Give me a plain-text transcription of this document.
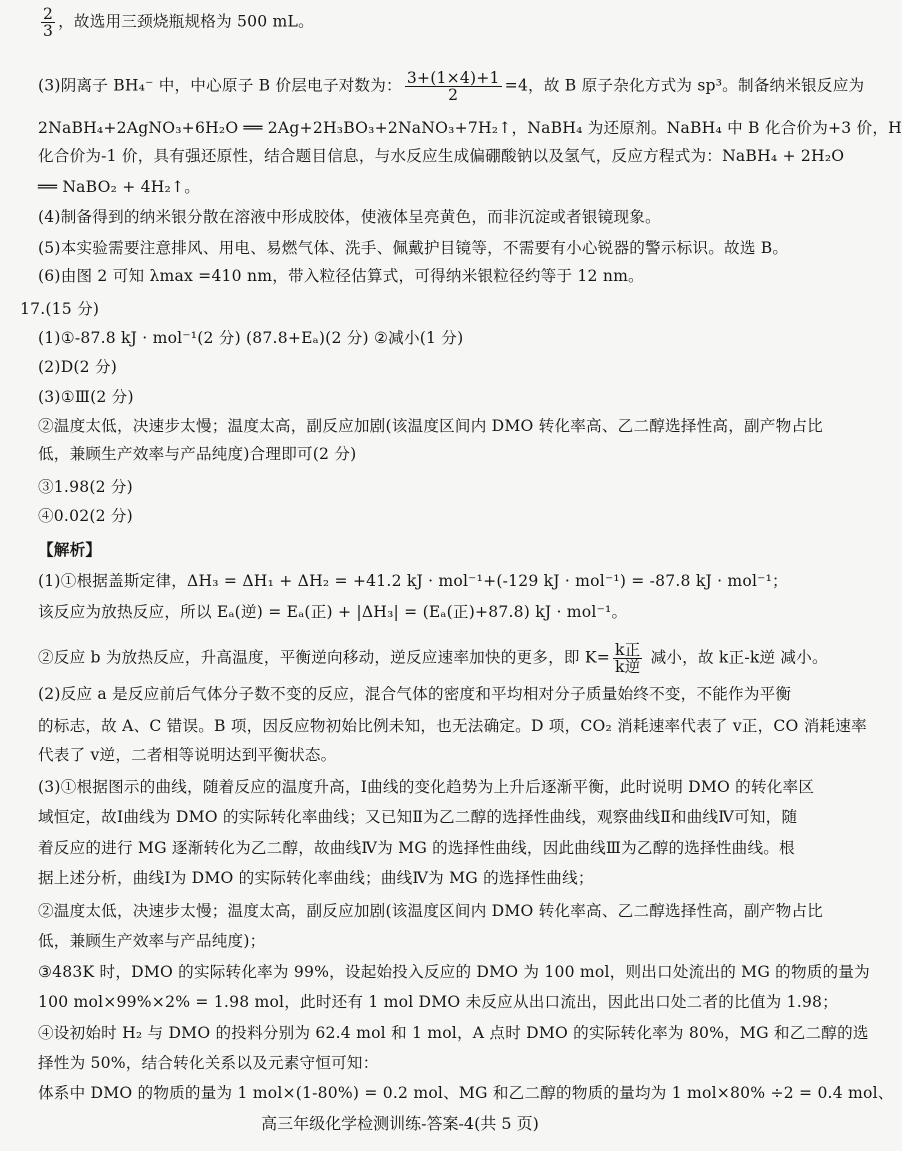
$\frac{2}{3}$ ，故选用三颈烧瓶规格为 500 mL。
(3)阴离子 BH₄⁻ 中，中心原子 B 价层电子对数为： $\frac{3+(1\times 4)+1}{2} =4$，故 B 原子杂化方式为 sp³。制备纳米银反应为
2NaBH₄+2AgNO₃+6H₂O ══ 2Ag+2H₃BO₃+2NaNO₃+7H₂↑，NaBH₄ 为还原剂。NaBH₄ 中 B 化合价为+3 价，H
化合价为-1 价，具有强还原性，结合题目信息，与水反应生成偏硼酸钠以及氢气，反应方程式为：NaBH₄ + 2H₂O
══ NaBO₂ + 4H₂↑。
(4)制备得到的纳米银分散在溶液中形成胶体，使液体呈亮黄色，而非沉淀或者银镜现象。
(5)本实验需要注意排风、用电、易燃气体、洗手、佩戴护目镜等，不需要有小心锐器的警示标识。故选 B。
(6)由图 2 可知 λmax =410 nm，带入粒径估算式，可得纳米银粒径约等于 12 nm。
17.(15 分)
(1)①-87.8 kJ · mol⁻¹(2 分) (87.8+Eₐ)(2 分) ②减小(1 分)
(2)D(2 分)
(3)①Ⅲ(2 分)
②温度太低，决速步太慢；温度太高，副反应加剧(该温度区间内 DMO 转化率高、乙二醇选择性高，副产物占比
低，兼顾生产效率与产品纯度)合理即可(2 分)
③1.98(2 分)
④0.02(2 分)
【解析】
(1)①根据盖斯定律，ΔH₃ = ΔH₁ + ΔH₂ = +41.2 kJ · mol⁻¹+(-129 kJ · mol⁻¹) = -87.8 kJ · mol⁻¹；
该反应为放热反应，所以 Eₐ(逆) = Eₐ(正) + |ΔH₃| = (Eₐ(正)+87.8) kJ · mol⁻¹。
②反应 b 为放热反应，升高温度，平衡逆向移动，逆反应速率加快的更多，即 $K= \frac{\text{k正}}{\text{k逆}}$ 减小，故 k正-k逆 减小。
(2)反应 a 是反应前后气体分子数不变的反应，混合气体的密度和平均相对分子质量始终不变，不能作为平衡
的标志，故 A、C 错误。B 项，因反应物初始比例未知，也无法确定。D 项，CO₂ 消耗速率代表了 v正，CO 消耗速率
代表了 v逆，二者相等说明达到平衡状态。
(3)①根据图示的曲线，随着反应的温度升高，Ⅰ曲线的变化趋势为上升后逐渐平衡，此时说明 DMO 的转化率区
域恒定，故Ⅰ曲线为 DMO 的实际转化率曲线；又已知Ⅱ为乙二醇的选择性曲线，观察曲线Ⅱ和曲线Ⅳ可知，随
着反应的进行 MG 逐渐转化为乙二醇，故曲线Ⅳ为 MG 的选择性曲线，因此曲线Ⅲ为乙醇的选择性曲线。根
据上述分析，曲线Ⅰ为 DMO 的实际转化率曲线；曲线Ⅳ为 MG 的选择性曲线；
②温度太低，决速步太慢；温度太高，副反应加剧(该温度区间内 DMO 转化率高、乙二醇选择性高，副产物占比
低，兼顾生产效率与产品纯度)；
③483K 时，DMO 的实际转化率为 99%，设起始投入反应的 DMO 为 100 mol，则出口处流出的 MG 的物质的量为
100 mol×99%×2% = 1.98 mol，此时还有 1 mol DMO 未反应从出口流出，因此出口处二者的比值为 1.98；
④设初始时 H₂ 与 DMO 的投料分别为 62.4 mol 和 1 mol，A 点时 DMO 的实际转化率为 80%，MG 和乙二醇的选
择性为 50%，结合转化关系以及元素守恒可知：
体系中 DMO 的物质的量为 1 mol×(1-80%) = 0.2 mol、MG 和乙二醇的物质的量均为 1 mol×80% ÷2 = 0.4 mol、
高三年级化学检测训练-答案-4(共 5 页)
